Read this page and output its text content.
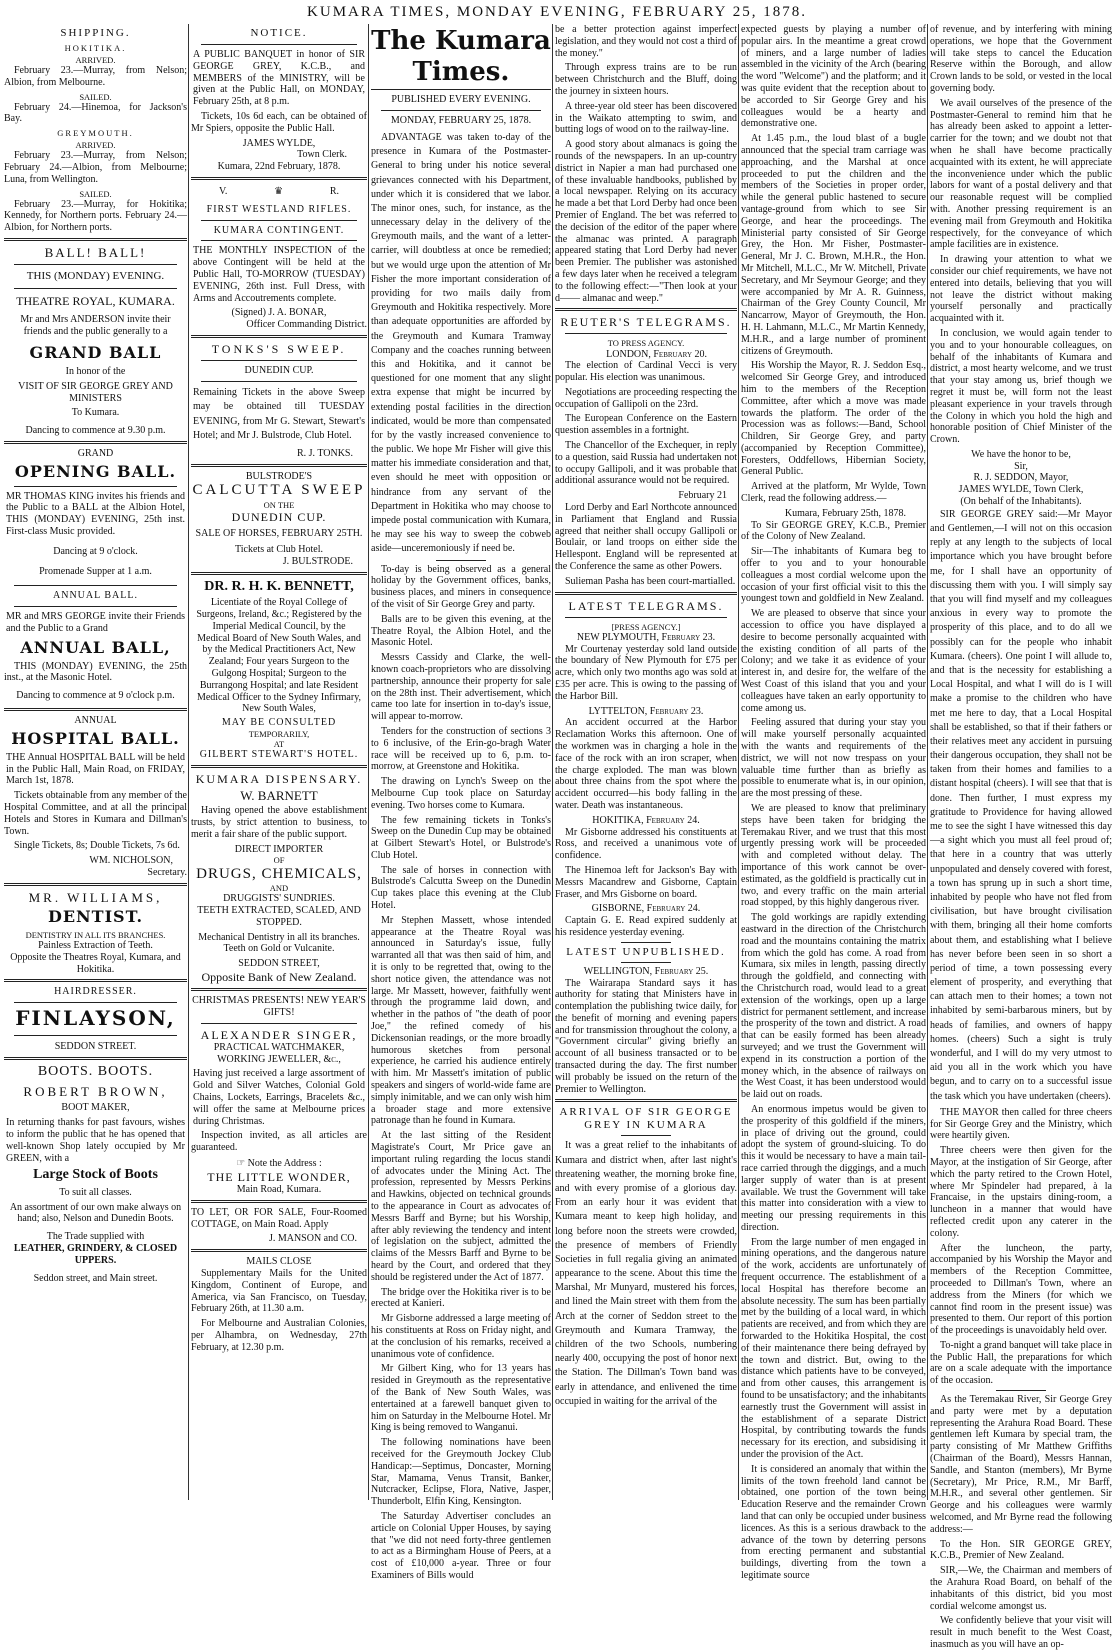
KUMARA TIMES, MONDAY EVENING, FEBRUARY 25, 1878.
SHIPPING.
HOKITIKA.
ARRIVED.

February 23.—Murray, from Nelson; Albion, from Melbourne.

SAILED.

February 24.—Hinemoa, for Jackson's Bay.

GREYMOUTH.
ARRIVED.

February 23.—Murray, from Nelson; February 24.—Albion, from Melbourne; Luna, from Wellington.

SAILED.

February 23.—Murray, for Hokitika; Kennedy, for Northern ports. February 24.—Albion, for Northern ports.

BALL! BALL!
THIS (MONDAY) EVENING.
THEATRE ROYAL, KUMARA.

Mr and Mrs ANDERSON invite their friends and the public generally to a

GRAND BALL
In honor of the
VISIT OF SIR GEORGE GREY AND MINISTERS
To Kumara.
Dancing to commence at 9.30 p.m.
GRAND
OPENING BALL.

MR THOMAS KING invites his friends and the Public to a BALL at the Albion Hotel, THIS (MONDAY) EVENING, 25th inst. First-class Music provided.

Dancing at 9 o'clock.
Promenade Supper at 1 a.m.
ANNUAL BALL.

MR and MRS GEORGE invite their Friends and the Public to a Grand

ANNUAL BALL,

THIS (MONDAY) EVENING, the 25th inst., at the Masonic Hotel.

Dancing to commence at 9 o'clock p.m.
ANNUAL
HOSPITAL BALL.

THE Annual HOSPITAL BALL will be held in the Public Hall, Main Road, on FRIDAY, March 1st, 1878.

Tickets obtainable from any member of the Hospital Committee, and at all the principal Hotels and Stores in Kumara and Dillman's Town.

Single Tickets, 8s; Double Tickets, 7s 6d.

WM. NICHOLSON,
Secretary.
MR. WILLIAMS,
DENTIST.
DENTISTRY IN ALL ITS BRANCHES.
Painless Extraction of Teeth.
Opposite the Theatres Royal, Kumara, and Hokitika.
HAIRDRESSER.
FINLAYSON,
SEDDON STREET.
BOOTS. BOOTS.
ROBERT BROWN,
BOOT MAKER,

In returning thanks for past favours, wishes to inform the public that he has opened that well-known Shop lately occupied by Mr GREEN, with a

Large Stock of Boots
To suit all classes.

An assortment of our own make always on hand; also, Nelson and Dunedin Boots.

The Trade supplied with
LEATHER, GRINDERY, & CLOSED UPPERS.
Seddon street, and Main street.
NOTICE.

A PUBLIC BANQUET in honor of SIR GEORGE GREY, K.C.B., and MEMBERS of the MINISTRY, will be given at the Public Hall, on MONDAY, February 25th, at 8 p.m.

Tickets, 10s 6d each, can be obtained of Mr Spiers, opposite the Public Hall.

JAMES WYLDE,
Town Clerk.
Kumara, 22nd February, 1878.
V.	♛	R.
FIRST WESTLAND RIFLES.
KUMARA CONTINGENT.

THE MONTHLY INSPECTION of the above Contingent will be held at the Public Hall, TO-MORROW (TUESDAY) EVENING, 26th inst. Full Dress, with Arms and Accoutrements complete.

(Signed) J. A. BONAR,
Officer Commanding District.
TONKS'S SWEEP.
DUNEDIN CUP.

Remaining Tickets in the above Sweep may be obtained till TUESDAY EVENING, from Mr G. Stewart, Stewart's Hotel; and Mr J. Bulstrode, Club Hotel.

R. J. TONKS.
BULSTRODE'S
CALCUTTA SWEEP
ON THE
DUNEDIN CUP.
SALE OF HORSES, FEBRUARY 25TH.
Tickets at Club Hotel.
J. BULSTRODE.
DR. R. H. K. BENNETT,

Licentiate of the Royal College of Surgeons, Ireland, &c.; Registered by the Imperial Medical Council, by the Medical Board of New South Wales, and by the Medical Practitioners Act, New Zealand; Four years Surgeon to the Gulgong Hospital; Surgeon to the Burrangong Hospital; and late Resident Medical Officer to the Sydney Infirmary, New South Wales,

MAY BE CONSULTED
TEMPORARILY,
AT
GILBERT STEWART'S HOTEL.
KUMARA DISPENSARY.
W. BARNETT

Having opened the above establishment trusts, by strict attention to business, to merit a fair share of the public support.

DIRECT IMPORTER
OF
DRUGS, CHEMICALS,
AND
DRUGGISTS' SUNDRIES.
TEETH EXTRACTED, SCALED, AND STOPPED.
Mechanical Dentistry in all its branches. Teeth on Gold or Vulcanite.
SEDDON STREET,
Opposite Bank of New Zealand.
CHRISTMAS PRESENTS! NEW YEAR'S GIFTS!
ALEXANDER SINGER,
PRACTICAL WATCHMAKER,
WORKING JEWELLER, &c.,

Having just received a large assortment of Gold and Silver Watches, Colonial Gold Chains, Lockets, Earrings, Bracelets &c., will offer the same at Melbourne prices during Christmas.

Inspection invited, as all articles are guaranteed.

☞ Note the Address :
THE LITTLE WONDER,
Main Road, Kumara.

TO LET, OR FOR SALE, Four-Roomed COTTAGE, on Main Road. Apply

J. MANSON and CO.
MAILS CLOSE

Supplementary Mails for the United Kingdom, Continent of Europe, and America, via San Francisco, on Tuesday, February 26th, at 11.30 a.m.

For Melbourne and Australian Colonies, per Alhambra, on Wednesday, 27th February, at 12.30 p.m.

The Kumara Times.
PUBLISHED EVERY EVENING.
MONDAY, FEBRUARY 25, 1878.

ADVANTAGE was taken to-day of the presence in Kumara of the Postmaster-General to bring under his notice several grievances connected with his Department, under which it is considered that we labor. The minor ones, such, for instance, as the unnecessary delay in the delivery of the Greymouth mails, and the want of a letter-carrier, will doubtless at once be remedied; but we would urge upon the attention of Mr Fisher the more important consideration of providing for two mails daily from Greymouth and Hokitika respectively. More than adequate opportunities are afforded by the Greymouth and Kumara Tramway Company and the coaches running between this and Hokitika, and it cannot be questioned for one moment that any slight extra expense that might be incurred by extending postal facilities in the direction indicated, would be more than compensated for by the vastly increased convenience to the public. We hope Mr Fisher will give this matter his immediate consideration and that, even should he meet with opposition or hindrance from any servant of the Department in Hokitika who may choose to impede postal communication with Kumara, he may see his way to sweep the cobweb aside—unceremoniously if need be.

To-day is being observed as a general holiday by the Government offices, banks, business places, and miners in consequence of the visit of Sir George Grey and party.

Balls are to be given this evening, at the Theatre Royal, the Albion Hotel, and the Masonic Hotel.

Messrs Cassidy and Clarke, the well-known coach-proprietors who are dissolving partnership, announce their property for sale on the 28th inst. Their advertisement, which came too late for insertion in to-day's issue, will appear to-morrow.

Tenders for the construction of sections 3 to 6 inclusive, of the Erin-go-bragh Water race will be received up to 6, p.m. to-morrow, at Greenstone and Hokitika.

The drawing on Lynch's Sweep on the Melbourne Cup took place on Saturday evening. Two horses come to Kumara.

The few remaining tickets in Tonks's Sweep on the Dunedin Cup may be obtained at Gilbert Stewart's Hotel, or Bulstrode's Club Hotel.

The sale of horses in connection with Bulstrode's Calcutta Sweep on the Dunedin Cup takes place this evening at the Club Hotel.

Mr Stephen Massett, whose intended appearance at the Theatre Royal was announced in Saturday's issue, fully warranted all that was then said of him, and it is only to be regretted that, owing to the short notice given, the attendance was not large. Mr Massett, however, faithfully went through the programme laid down, and whether in the pathos of "the death of poor Joe," the refined comedy of his Dickensonian readings, or the more broadly humorous sketches from personal experience, he carried his audience entirely with him. Mr Massett's imitation of public speakers and singers of world-wide fame are simply inimitable, and we can only wish him a broader stage and more extensive patronage than he found in Kumara.

At the last sitting of the Resident Magistrate's Court, Mr Price gave an important ruling regarding the locus standi of advocates under the Mining Act. The profession, represented by Messrs Perkins and Hawkins, objected on technical grounds to the appearance in Court as advocates of Messrs Barff and Byrne; but his Worship, after ably reviewing the tendency and intent of legislation on the subject, admitted the claims of the Messrs Barff and Byrne to be heard by the Court, and ordered that they should be registered under the Act of 1877.

The bridge over the Hokitika river is to be erected at Kanieri.

Mr Gisborne addressed a large meeting of his constituents at Ross on Friday night, and at the conclusion of his remarks, received a unanimous vote of confidence.

Mr Gilbert King, who for 13 years has resided in Greymouth as the representative of the Bank of New South Wales, was entertained at a farewell banquet given to him on Saturday in the Melbourne Hotel. Mr King is being removed to Wanganui.

The following nominations have been received for the Greymouth Jockey Club Handicap:—Septimus, Doncaster, Morning Star, Mamama, Venus Transit, Banker, Nutcracker, Eclipse, Flora, Native, Jasper, Thunderbolt, Elfin King, Kensington.

The Saturday Advertiser concludes an article on Colonial Upper Houses, by saying that "we did not need forty-three gentlemen to act as a Birmingham House of Peers, at a cost of £10,000 a-year. Three or four Examiners of Bills would

be a better protection against imperfect legislation, and they would not cost a third of the money."

Through express trains are to be run between Christchurch and the Bluff, doing the journey in sixteen hours.

A three-year old steer has been discovered in the Waikato attempting to swim, and butting logs of wood on to the railway-line.

A good story about almanacs is going the rounds of the newspapers. In an up-country district in Napier a man had purchased one of these invaluable handbooks, published by a local newspaper. Relying on its accuracy he made a bet that Lord Derby had once been Premier of England. The bet was referred to the decision of the editor of the paper where the almanac was printed. A paragraph appeared stating that Lord Derby had never been Premier. The publisher was astonished a few days later when he received a telegram to the following effect:—"Then look at your d—— almanac and weep."

REUTER'S TELEGRAMS.
TO PRESS AGENCY.
LONDON, February 20.

The election of Cardinal Vecci is very popular. His election was unanimous.

Negotiations are proceeding respecting the occupation of Gallipoli on the 23rd.

The European Conference on the Eastern question assembles in a fortnight.

The Chancellor of the Exchequer, in reply to a question, said Russia had undertaken not to occupy Gallipoli, and it was probable that additional assurance would not be required.

February 21

Lord Derby and Earl Northcote announced in Parliament that England and Russia agreed that neither shall occupy Gallipoli or Boulair, or land troops on either side the Hellespont. England will be represented at the Conference the same as other Powers.

Sulieman Pasha has been court-martialled.

LATEST TELEGRAMS.
[PRESS AGENCY.]
NEW PLYMOUTH, February 23.

Mr Courtenay yesterday sold land outside the boundary of New Plymouth for £75 per acre, which only two months ago was sold at £35 per acre. This is owing to the passing of the Harbor Bill.

LYTTELTON, February 23.

An accident occurred at the Harbor Reclamation Works this afternoon. One of the workmen was in charging a hole in the face of the rock with an iron scraper, when the charge exploded. The man was blown about three chains from the spot where the accident occurred—his body falling in the water. Death was instantaneous.

HOKITIKA, February 24.

Mr Gisborne addressed his constituents at Ross, and received a unanimous vote of confidence.

The Hinemoa left for Jackson's Bay with Messrs Macandrew and Gisborne, Captain Fraser, and Mrs Gisborne on board.

GISBORNE, February 24.

Captain G. E. Read expired suddenly at his residence yesterday evening.

LATEST UNPUBLISHED.
WELLINGTON, February 25.

The Wairarapa Standard says it has authority for stating that Ministers have in contemplation the publishing twice daily, for the benefit of morning and evening papers and for transmission throughout the colony, a "Government circular" giving briefly an account of all business transacted or to be transacted during the day. The first number will probably be issued on the return of the Premier to Wellington.

ARRIVAL OF SIR GEORGE GREY IN KUMARA

It was a great relief to the inhabitants of Kumara and district when, after last night's threatening weather, the morning broke fine, and with every promise of a glorious day. From an early hour it was evident that Kumara meant to keep high holiday, and long before noon the streets were crowded, the presence of members of Friendly Societies in full regalia giving an animated appearance to the scene. About this time the Marshal, Mr Munyard, mustered his forces, and lined the Main street with them from the Arch at the corner of Seddon street to the Greymouth and Kumara Tramway, the children of the two Schools, numbering nearly 400, occupying the post of honor next the Station. The Dillman's Town band was early in attendance, and enlivened the time occupied in waiting for the arrival of the

expected guests by playing a number of popular airs. In the meantime a great crowd of miners, and a large number of ladies assembled in the vicinity of the Arch (bearing the word "Welcome") and the platform; and it was quite evident that the reception about to be accorded to Sir George Grey and his colleagues would be a hearty and demonstrative one.

At 1.45 p.m., the loud blast of a bugle announced that the special tram carriage was approaching, and the Marshal at once proceeded to put the children and the members of the Societies in proper order, while the general public hastened to secure vantage-ground from which to see Sir George, and hear the proceedings. The Ministerial party consisted of Sir George Grey, the Hon. Mr Fisher, Postmaster-General, Mr J. C. Brown, M.H.R., the Hon. Mr Mitchell, M.L.C., Mr W. Mitchell, Private Secretary, and Mr Seymour George; and they were accompanied by Mr A. R. Guinness, Chairman of the Grey County Council, Mr Nancarrow, Mayor of Greymouth, the Hon. H. H. Lahmann, M.L.C., Mr Martin Kennedy, M.H.R., and a large number of prominent citizens of Greymouth.

His Worship the Mayor, R. J. Seddon Esq., welcomed Sir George Grey, and introduced him to the members of the Reception Committee, after which a move was made towards the platform. The order of the Procession was as follows:—Band, School Children, Sir George Grey, and party (accompanied by Reception Committee), Foresters, Oddfellows, Hibernian Society, General Public.

Arrived at the platform, Mr Wylde, Town Clerk, read the following address.—

Kumara, February 25th, 1878.

To Sir GEORGE GREY, K.C.B., Premier of the Colony of New Zealand.

Sir—The inhabitants of Kumara beg to offer to you and to your honourable colleagues a most cordial welcome upon the occasion of your first official visit to this the youngest town and goldfield in New Zealand.

We are pleased to observe that since your accession to office you have displayed a desire to become personally acquainted with the existing condition of all parts of the Colony; and we take it as evidence of your interest in, and desire for, the welfare of the West Coast of this island that you and your colleagues have taken an early opportunity to come among us.

Feeling assured that during your stay you will make yourself personally acquainted with the wants and requirements of the district, we will not now trespass on your valuable time further than as briefly as possible to enumerate what is, in our opinion, are the most pressing of these.

We are pleased to know that preliminary steps have been taken for bridging the Teremakau River, and we trust that this most urgently pressing work will be proceeded with and completed without delay. The importance of this work cannot be over-estimated, as the goldfield is practically cut in two, and every traffic on the main arterial road stopped, by this highly dangerous river.

The gold workings are rapidly extending eastward in the direction of the Christchurch road and the mountains containing the matrix from which the gold has come. A road from Kumara, six miles in length, passing directly through the goldfield, and connecting with the Christchurch road, would lead to a great extension of the workings, open up a large district for permanent settlement, and increase the prosperity of the town and district. A road that can be easily formed has been already surveyed; and we trust the Government will expend in its construction a portion of the money which, in the absence of railways on the West Coast, it has been understood would be laid out on roads.

An enormous impetus would be given to the prosperity of this goldfield if the miners, in place of driving out the ground, could adopt the system of ground-sluicing. To do this it would be necessary to have a main tail-race carried through the diggings, and a much larger supply of water than is at present available. We trust the Government will take this matter into consideration with a view to meeting our pressing requirements in this direction.

From the large number of men engaged in mining operations, and the dangerous nature of the work, accidents are unfortunately of frequent occurrence. The establishment of a local Hospital has therefore become an absolute necessity. The sum has been partially met by the building of a local ward, in which patients are received, and from which they are forwarded to the Hokitika Hospital, the cost of their maintenance there being defrayed by the town and district. But, owing to the distance which patients have to be conveyed, and from other causes, this arrangement is found to be unsatisfactory; and the inhabitants earnestly trust the Government will assist in the establishment of a separate District Hospital, by contributing towards the funds necessary for its erection, and subsidising it under the provision of the Act.

It is considered an anomaly that within the limits of the town freehold land cannot be obtained, one portion of the town being Education Reserve and the remainder Crown land that can only be occupied under business licences. As this is a serious drawback to the advance of the town by deterring persons from erecting permanent and substantial buildings, diverting from the town a legitimate source

of revenue, and by interfering with mining operations, we hope that the Government will take steps to cancel the Education Reserve within the Borough, and allow Crown lands to be sold, or vested in the local governing body.

We avail ourselves of the presence of the Postmaster-General to remind him that he has already been asked to appoint a letter-carrier for the town; and we doubt not that when he shall have become practically acquainted with its extent, he will appreciate the inconvenience under which the public labors for want of a postal delivery and that our reasonable request will be complied with. Another pressing requirement is an evening mail from Greymouth and Hokitika respectively, for the conveyance of which ample facilities are in existence.

In drawing your attention to what we consider our chief requirements, we have not entered into details, believing that you will not leave the district without making yourself personally and practically acquainted with it.

In conclusion, we would again tender to you and to your honourable colleagues, on behalf of the inhabitants of Kumara and district, a most hearty welcome, and we trust that your stay among us, brief though we regret it must be, will form not the least pleasant experience in your travels through the Colony in which you hold the high and honorable position of Chief Minister of the Crown.

We have the honor to be,
Sir,
R. J. SEDDON, Mayor,
JAMES WYLDE, Town Clerk,
(On behalf of the Inhabitants).

SIR GEORGE GREY said:—Mr Mayor and Gentlemen,—I will not on this occasion reply at any length to the subjects of local importance which you have brought before me, for I shall have an opportunity of discussing them with you. I will simply say that you will find myself and my colleagues anxious in every way to promote the prosperity of this place, and to do all we possibly can for the people who inhabit Kumara. (cheers). One point I will allude to, and that is the necessity for establishing a Local Hospital, and what I will do is I will make a promise to the children who have met me here to day, that a Local Hospital shall be established, so that if their fathers or their relatives meet any accident in pursuing their dangerous occupation, they shall not be taken from their homes and families to a distant hospital (cheers). I will see that that is done. Then further, I must express my gratitude to Providence for having allowed me to see the sight I have witnessed this day—a sight which you must all feel proud of; that here in a country that was utterly unpopulated and densely covered with forest, a town has sprung up in such a short time, inhabited by people who have not fled from civilisation, but have brought civilisation with them, bringing all their home comforts about them, and establishing what I believe has never before been seen in so short a period of time, a town possessing every element of prosperity, and everything that can attach men to their homes; a town not inhabited by semi-barbarous miners, but by heads of families, and owners of happy homes. (cheers) Such a sight is truly wonderful, and I will do my very utmost to aid you all in the work which you have begun, and to carry on to a successful issue the task which you have undertaken (cheers).

THE MAYOR then called for three cheers for Sir George Grey and the Ministry, which were heartily given.

Three cheers were then given for the Mayor, at the instigation of Sir George, after which the party retired to the Crown Hotel, where Mr Spindeler had prepared, à la Francaise, in the upstairs dining-room, a luncheon in a manner that would have reflected credit upon any caterer in the colony.

After the luncheon, the party, accompanied by his Worship the Mayor and members of the Reception Committee, proceeded to Dillman's Town, where an address from the Miners (for which we cannot find room in the present issue) was presented to them. Our report of this portion of the proceedings is unavoidably held over.

To-night a grand banquet will take place in the Public Hall, the preparations for which are on a scale adequate with the importance of the occasion.

As the Teremakau River, Sir George Grey and party were met by a deputation representing the Arahura Road Board. These gentlemen left Kumara by special tram, the party consisting of Mr Matthew Griffiths (Chairman of the Board), Messrs Hannan, Sandle, and Stanton (members), Mr Byrne (Secretary), Mr Price, R.M., Mr Barff, M.H.R., and several other gentlemen. Sir George and his colleagues were warmly welcomed, and Mr Byrne read the following address:—

To the Hon. SIR GEORGE GREY, K.C.B., Premier of New Zealand.

SIR,—We, the Chairman and members of the Arahura Road Board, on behalf of the inhabitants of this district, bid you most cordial welcome amongst us.

We confidently believe that your visit will result in much benefit to the West Coast, inasmuch as you will have an op-
